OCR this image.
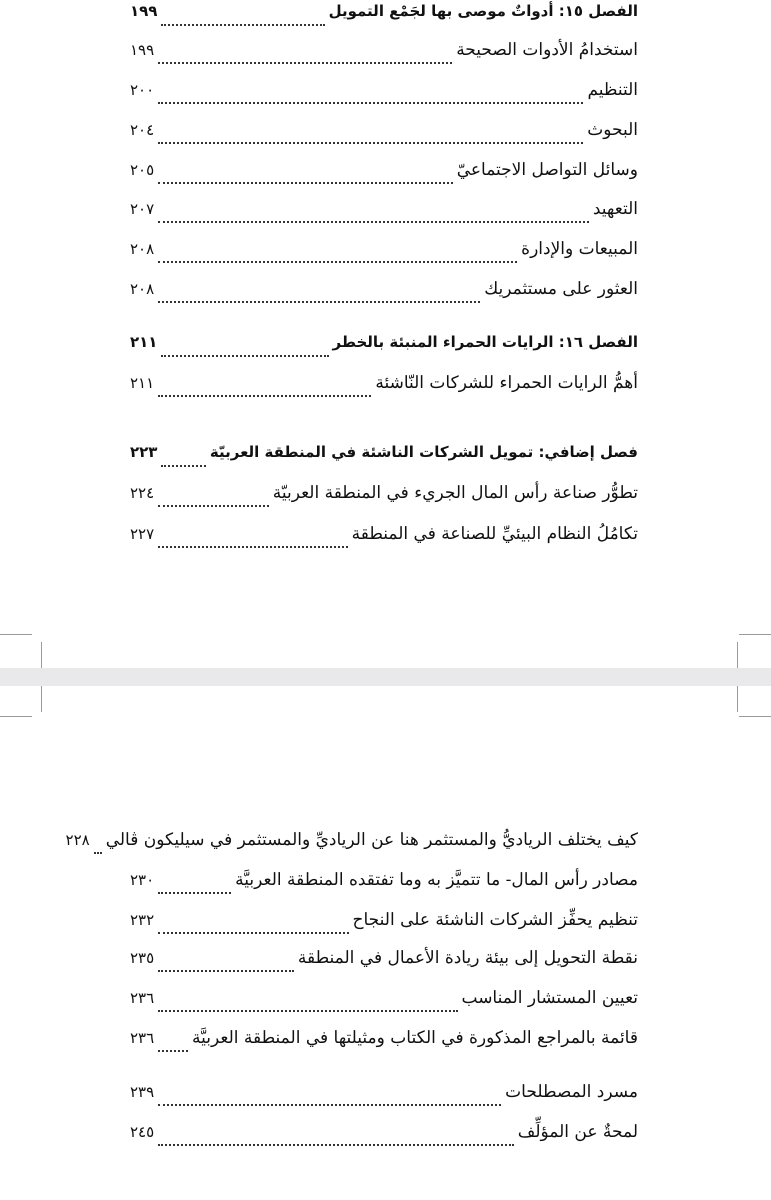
الفصل ١٥: أدواتٌ موصى بها لجَمْع التمويل
١٩٩
استخدامُ الأدوات الصحيحة
١٩٩
التنظيم
٢٠٠
البحوث
٢٠٤
وسائل التواصل الاجتماعيّ
٢٠٥
التعهيد
٢٠٧
المبيعات والإدارة
٢٠٨
العثور على مستثمريك
٢٠٨
الفصل ١٦: الرايات الحمراء المنبئة بالخطر
٢١١
أهمُّ الرايات الحمراء للشركات النّاشئة
٢١١
فصل إضافي: تمويل الشركات الناشئة في المنطقة العربيّة
٢٢٣
تطوُّر صناعة رأس المال الجريء في المنطقة العربيّة
٢٢٤
تكامُلُ النظام البيئيِّ للصناعة في المنطقة
٢٢٧
كيف يختلف الرياديُّ والمستثمر هنا عن الرياديِّ والمستثمر في سيليكون ڤالي
٢٢٨
مصادر رأس المال- ما تتميَّز به وما تفتقده المنطقة العربيَّة
٢٣٠
تنظيم يحفِّز الشركات الناشئة على النجاح
٢٣٢
نقطة التحويل إلى بيئة ريادة الأعمال في المنطقة
٢٣٥
تعيين المستشار المناسب
٢٣٦
قائمة بالمراجع المذكورة في الكتاب ومثيلتها في المنطقة العربيَّة
٢٣٦
مسرد المصطلحات
٢٣٩
لمحةٌ عن المؤلِّف
٢٤٥
